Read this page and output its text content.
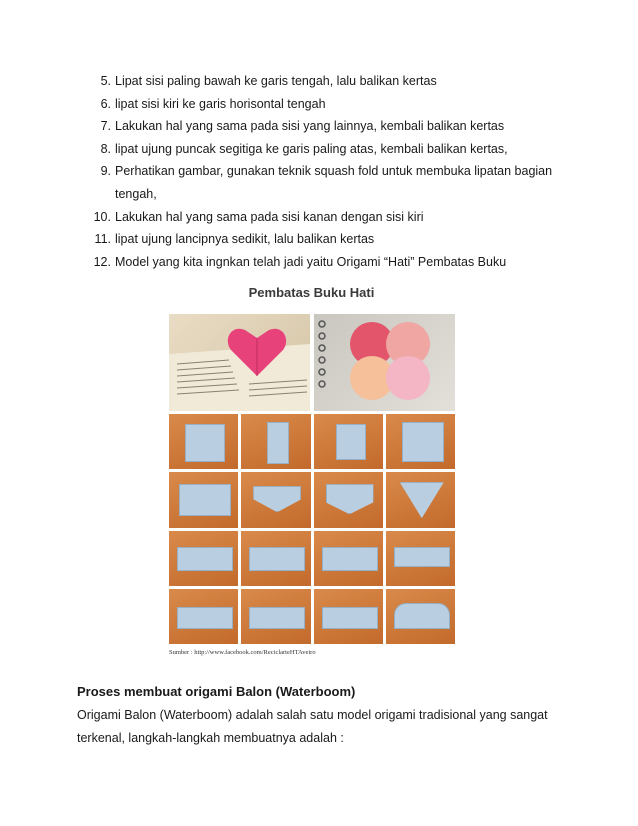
5. Lipat sisi paling bawah ke garis tengah, lalu balikan kertas
6. lipat sisi kiri ke garis horisontal tengah
7. Lakukan hal yang sama pada sisi yang lainnya, kembali balikan kertas
8. lipat ujung puncak segitiga ke garis paling atas, kembali balikan kertas,
9. Perhatikan gambar, gunakan teknik squash fold untuk membuka lipatan bagian
tengah,
10. Lakukan hal yang sama pada sisi kanan dengan sisi kiri
11. lipat ujung lancipnya sedikit, lalu balikan kertas
12. Model yang kita ingnkan telah jadi yaitu Origami “Hati” Pembatas Buku
Pembatas Buku Hati
Sumber : http://www.facebook.com/ReciclarteHTAveiro
Proses membuat origami Balon (Waterboom)
Origami Balon (Waterboom) adalah salah satu model origami tradisional yang sangat terkenal, langkah-langkah membuatnya adalah :
